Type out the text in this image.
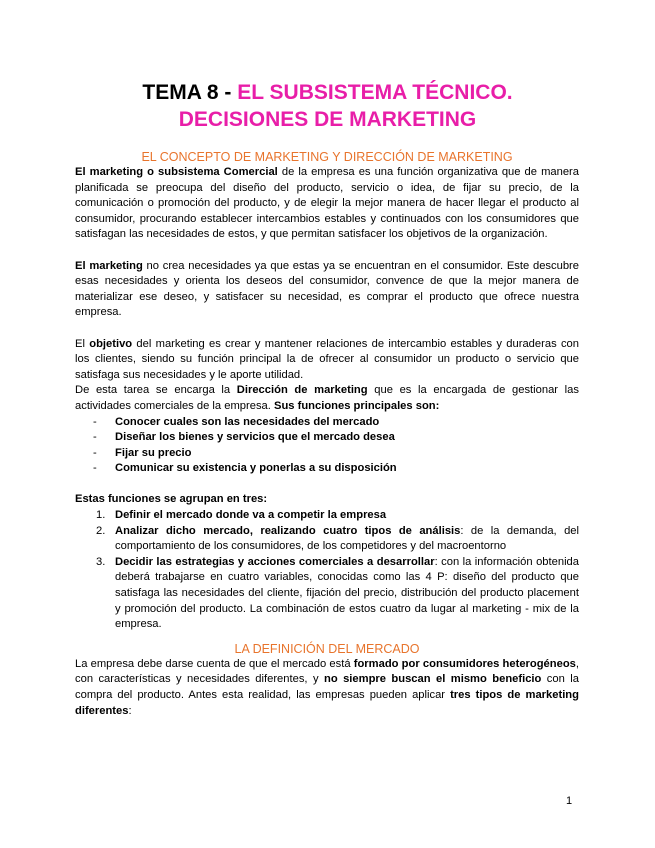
TEMA 8 - EL SUBSISTEMA TÉCNICO.
DECISIONES DE MARKETING
EL CONCEPTO DE MARKETING Y DIRECCIÓN DE MARKETING

El marketing o subsistema Comercial de la empresa es una función organizativa que de manera planificada se preocupa del diseño del producto, servicio o idea, de fijar su precio, de la comunicación o promoción del producto, y de elegir la mejor manera de hacer llegar el producto al consumidor, procurando establecer intercambios estables y continuados con los consumidores que satisfagan las necesidades de estos, y que permitan satisfacer los objetivos de la organización.

El marketing no crea necesidades ya que estas ya se encuentran en el consumidor. Este descubre esas necesidades y orienta los deseos del consumidor, convence de que la mejor manera de materializar ese deseo, y satisfacer su necesidad, es comprar el producto que ofrece nuestra empresa.

El objetivo del marketing es crear y mantener relaciones de intercambio estables y duraderas con los clientes, siendo su función principal la de ofrecer al consumidor un producto o servicio que satisfaga sus necesidades y le aporte utilidad.

De esta tarea se encarga la Dirección de marketing que es la encargada de gestionar las actividades comerciales de la empresa. Sus funciones principales son:

- Conocer cuales son las necesidades del mercado
- Diseñar los bienes y servicios que el mercado desea
- Fijar su precio
- Comunicar su existencia y ponerlas a su disposición

Estas funciones se agrupan en tres:

1. Definir el mercado donde va a competir la empresa
2. Analizar dicho mercado, realizando cuatro tipos de análisis: de la demanda, del comportamiento de los consumidores, de los competidores y del macroentorno
3. Decidir las estrategias y acciones comerciales a desarrollar: con la información obtenida deberá trabajarse en cuatro variables, conocidas como las 4 P: diseño del producto que satisfaga las necesidades del cliente, fijación del precio, distribución del producto placement y promoción del producto. La combinación de estos cuatro da lugar al marketing - mix de la empresa.
LA DEFINICIÓN DEL MERCADO

La empresa debe darse cuenta de que el mercado está formado por consumidores heterogéneos, con características y necesidades diferentes, y no siempre buscan el mismo beneficio con la compra del producto. Antes esta realidad, las empresas pueden aplicar tres tipos de marketing diferentes:

1
